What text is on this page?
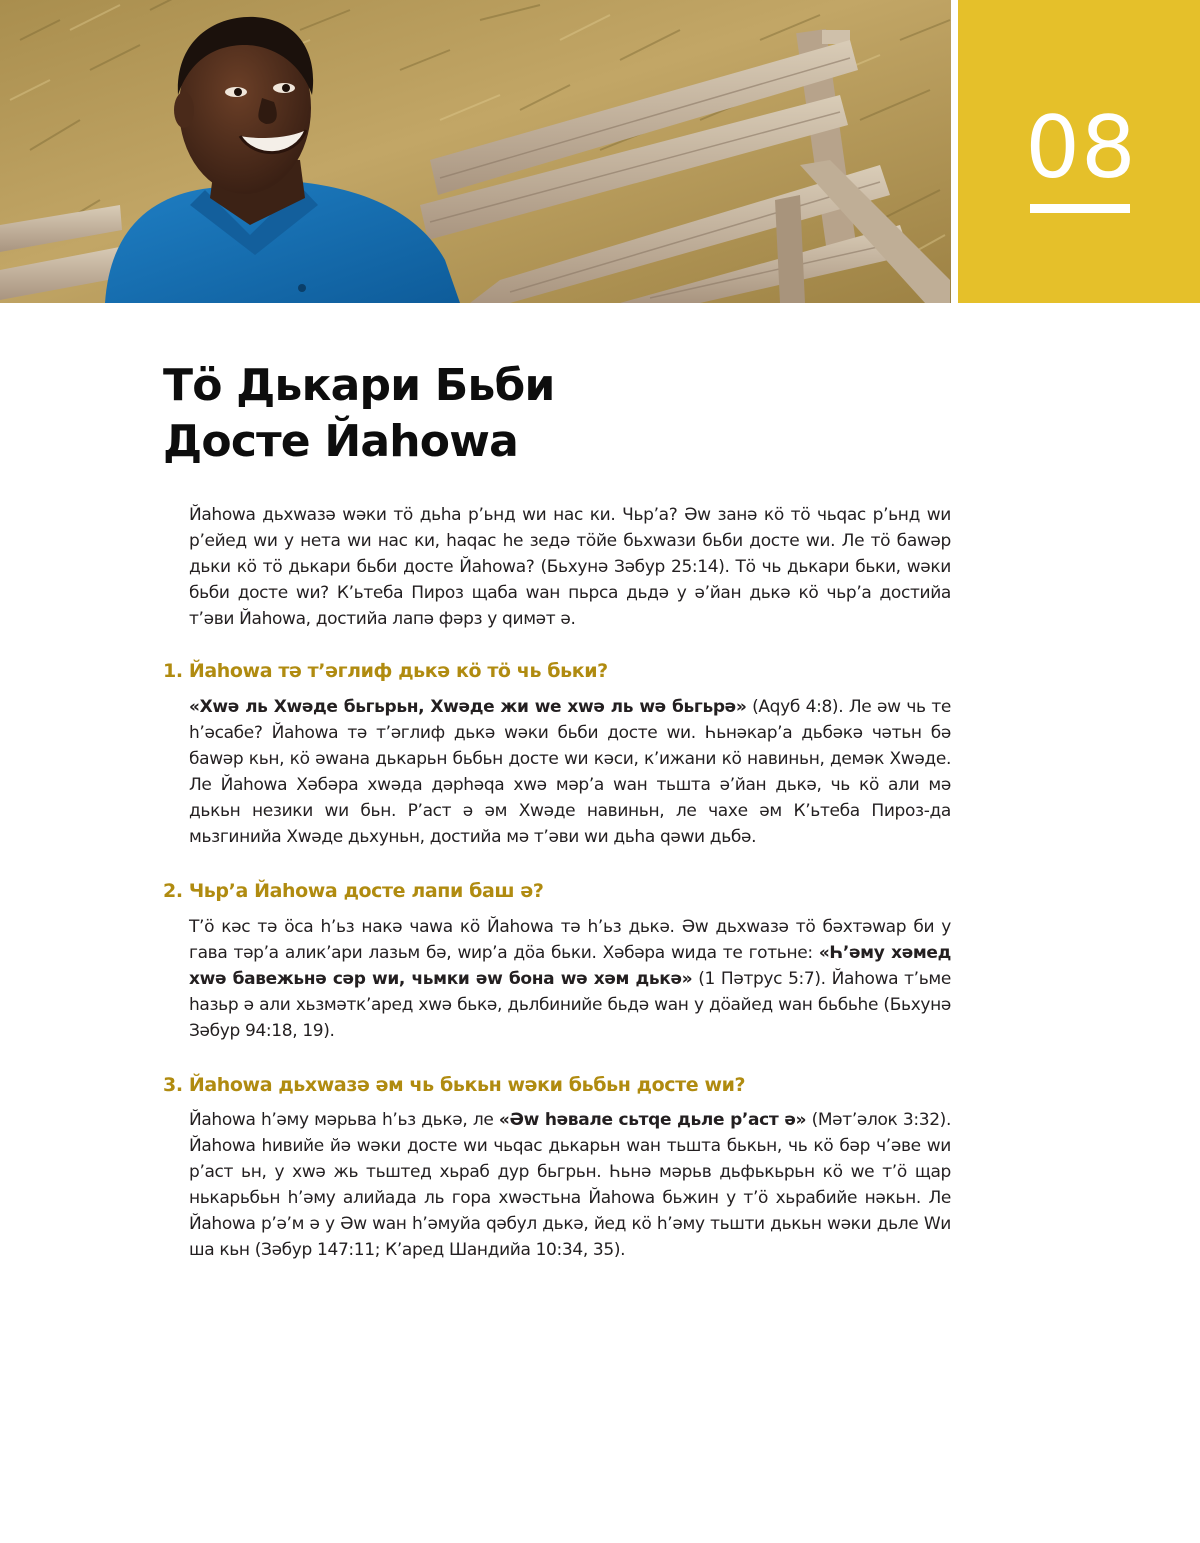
08
Тӧ Дькари Бьби
Досте Йаhowa

Йаhowa дьхwазә wәки тӧ дьhа р’ьнд wи нас ки. Чьр’а? Әw занә кӧ тӧ чьqас р’ьнд wи р’ейед wи у нета wи нас ки, hаqас hе зедә тӧйе бьхwази бьби досте wи. Ле тӧ баwәр дьки кӧ тӧ дькари бьби досте Йаhowa? (Бьхунә Зәбур 25:14). Тӧ чь дькари бьки, wәки бьби досте wи? К’ьтеба Пироз щаба wан пьрса дьдә у ә’йан дькә кӧ чьр’а достийа т’әви Йаhowa, достийа лапә фәрз у qимәт ә.

1. Йаhowa тә т’әглиф дькә кӧ тӧ чь бьки?

«Хwә ль Хwәде бьгьрьн, Хwәде жи wе хwә ль wә бьгьрә» (Аqуб 4:8). Ле әw чь те h’әсабе? Йаhowa тә т’әглиф дькә wәки бьби досте wи. Һьнәкар’а дьбәкә чәтьн бә баwәр кьн, кӧ әwана дькарьн бьбьн досте wи кәси, к’ижани кӧ навиньн, демәк Хwәде. Ле Йаhowa Хәбәра хwәда дәрhәqа хwә мәр’а wан тьшта ә’йан дькә, чь кӧ али мә дькьн незики wи бьн. Р’аст ә әм Хwәде навиньн, ле чахе әм К’ьтеба Пироз-да мьзгинийа Хwәде дьхуньн, достийа мә т’әви wи дьhа qәwи дьбә.

2. Чьр’а Йаhowa досте лапи баш ә?

Т’ӧ кәс тә ӧса h’ьз накә чаwа кӧ Йаhowa тә h’ьз дькә. Әw дьхwазә тӧ бәхтәwар би у гава тәр’а алик’ари лазьм бә, wир’а дӧа бьки. Хәбәра wида те готьне: «Һ’әму хәмед хwә бавежьнә сәр wи, чьмки әw бона wә хәм дькә» (1 Пәтрус 5:7). Йаhowa т’ьме hазьр ә али хьзмәтк’аред хwә бькә, дьлбинийе бьдә wан у дӧайед wан бьбьhе (Бьхунә Зәбур 94:18, 19).

3. Йаhowa дьхwазә әм чь бькьн wәки бьбьн досте wи?

Йаhowa h’әму мәрьва h’ьз дькә, ле «Әw һәвале сьтqе дьле р’аст ә» (Мәт’әлок 3:32). Йаhowa һивийе йә wәки досте wи чьqас дькарьн wан тьшта бькьн, чь кӧ бәр ч’әве wи р’аст ьн, у хwә жь тьштед хьраб дур бьгрьн. Һьнә мәрьв дьфькьрьн кӧ wе т’ӧ щар нькарьбьн h’әму алийада ль гора хwәстьна Йаhowa бьжин у т’ӧ хьрабийе нәкьн. Ле Йаhowa р’ә’м ә у Әw wан h’әмуйа qәбул дькә, йед кӧ h’әму тьшти дькьн wәки дьле Wи ша кьн (Зәбур 147:11; К’аред Шандийа 10:34, 35).
